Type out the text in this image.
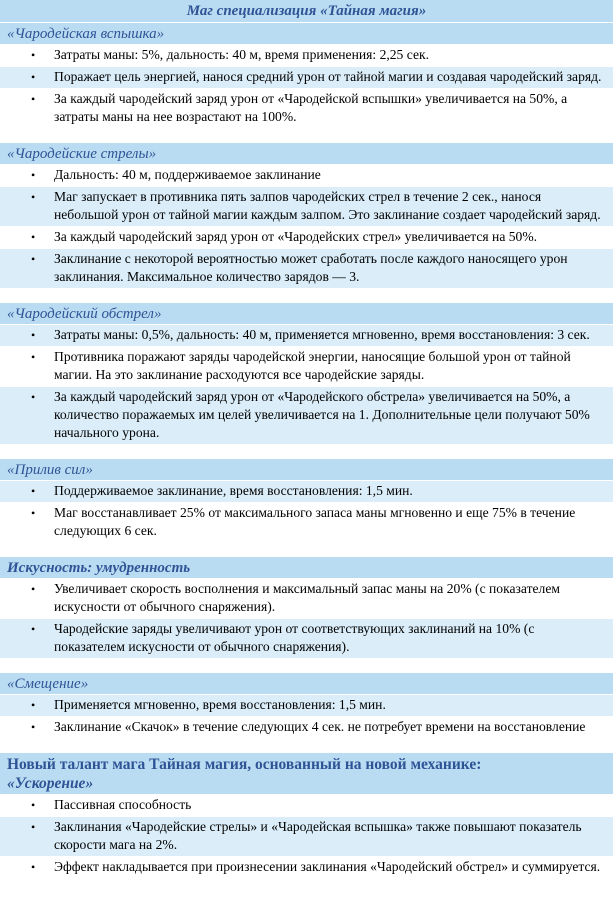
Маг специализация «Тайная магия»
«Чародейская вспышка»
• Затраты маны: 5%, дальность: 40 м, время применения: 2,25 сек.
• Поражает цель энергией, нанося средний урон от тайной магии и создавая чародейский заряд.
• За каждый чародейский заряд урон от «Чародейской вспышки» увеличивается на 50%, а затраты маны на нее возрастают на 100%.
«Чародейские стрелы»
• Дальность: 40 м, поддерживаемое заклинание
• Маг запускает в противника пять залпов чародейских стрел в течение 2 сек., нанося небольшой урон от тайной магии каждым залпом. Это заклинание создает чародейский заряд.
• За каждый чародейский заряд урон от «Чародейских стрел» увеличивается на 50%.
• Заклинание с некоторой вероятностью может сработать после каждого наносящего урон заклинания. Максимальное количество зарядов — 3.
«Чародейский обстрел»
• Затраты маны: 0,5%, дальность: 40 м, применяется мгновенно, время восстановления: 3 сек.
• Противника поражают заряды чародейской энергии, наносящие большой урон от тайной магии. На это заклинание расходуются все чародейские заряды.
• За каждый чародейский заряд урон от «Чародейского обстрела» увеличивается на 50%, а количество поражаемых им целей увеличивается на 1. Дополнительные цели получают 50% начального урона.
«Прилив сил»
• Поддерживаемое заклинание, время восстановления: 1,5 мин.
• Маг восстанавливает 25% от максимального запаса маны мгновенно и еще 75% в течение следующих 6 сек.
Искусность: умудренность
• Увеличивает скорость восполнения и максимальный запас маны на 20% (с показателем искусности от обычного снаряжения).
• Чародейские заряды увеличивают урон от соответствующих заклинаний на 10% (с показателем искусности от обычного снаряжения).
«Смещение»
• Применяется мгновенно, время восстановления: 1,5 мин.
• Заклинание «Скачок» в течение следующих 4 сек. не потребует времени на восстановление
Новый талант мага Тайная магия, основанный на новой механике:
«Ускорение»
• Пассивная способность
• Заклинания «Чародейские стрелы» и «Чародейская вспышка» также повышают показатель скорости мага на 2%.
• Эффект накладывается при произнесении заклинания «Чародейский обстрел» и суммируется.
